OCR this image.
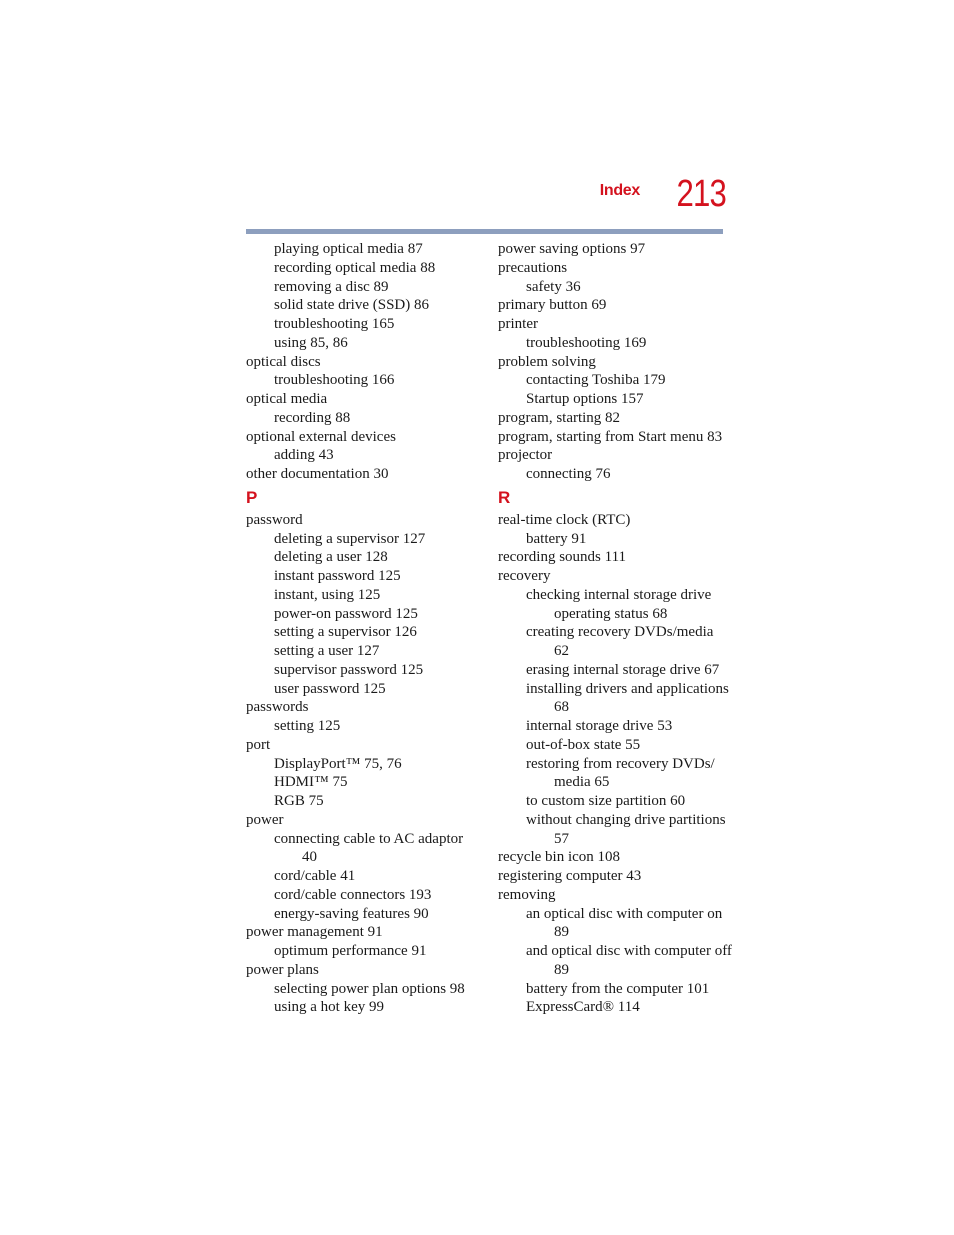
Index 213
playing optical media 87
recording optical media 88
removing a disc 89
solid state drive (SSD) 86
troubleshooting 165
using 85, 86
optical discs
troubleshooting 166
optical media
recording 88
optional external devices
adding 43
other documentation 30
P
password
deleting a supervisor 127
deleting a user 128
instant password 125
instant, using 125
power-on password 125
setting a supervisor 126
setting a user 127
supervisor password 125
user password 125
passwords
setting 125
port
DisplayPort™ 75, 76
HDMI™ 75
RGB 75
power
connecting cable to AC adaptor
40
cord/cable 41
cord/cable connectors 193
energy-saving features 90
power management 91
optimum performance 91
power plans
selecting power plan options 98
using a hot key 99
power saving options 97
precautions
safety 36
primary button 69
printer
troubleshooting 169
problem solving
contacting Toshiba 179
Startup options 157
program, starting 82
program, starting from Start menu 83
projector
connecting 76
R
real-time clock (RTC)
battery 91
recording sounds 111
recovery
checking internal storage drive
operating status 68
creating recovery DVDs/media
62
erasing internal storage drive 67
installing drivers and applications
68
internal storage drive 53
out-of-box state 55
restoring from recovery DVDs/
media 65
to custom size partition 60
without changing drive partitions
57
recycle bin icon 108
registering computer 43
removing
an optical disc with computer on
89
and optical disc with computer off
89
battery from the computer 101
ExpressCard® 114
